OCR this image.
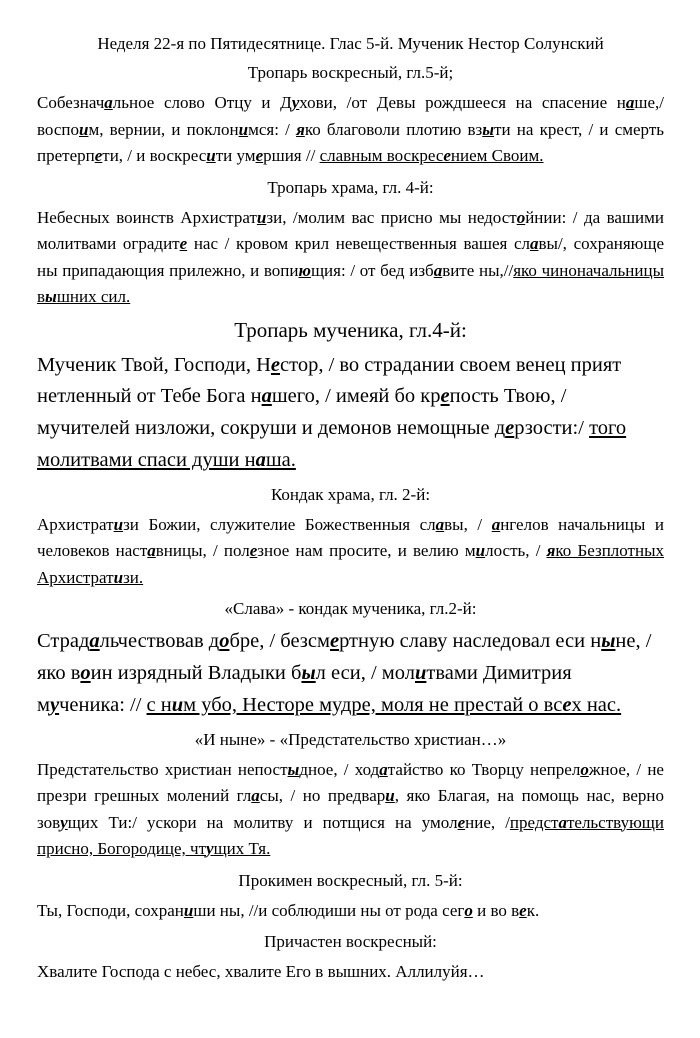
Неделя 22-я по Пятидесятнице. Глас 5-й. Мученик Нестор Солунский

Тропарь воскресный, гл.5-й;

Собезначальное слово Отцу и Духови, /от Девы рождшееся на спасение наше,/ воспоим, вернии, и поклонимся: / яко благоволи плотию взыти на крест, / и смерть претерпети, / и воскресити умершия // славным воскресением Своим.

Тропарь храма, гл. 4-й:

Небесных воинств Архистратизи, /молим вас присно мы недостойнии: / да вашими молитвами оградите нас / кровом крил невещественныя вашея славы/, сохраняюще ны припадающия прилежно, и вопиющия: / от бед избавите ны,//яко чиноначальницы вышних сил.

Тропарь мученика, гл.4-й:

Мученик Твой, Господи, Нестор, / во страдании своем венец прият нетленный от Тебе Бога нашего, / имеяй бо крепость Твою, / мучителей низложи, сокруши и демонов немощные дерзости:/ того молитвами спаси души наша.

Кондак храма, гл. 2-й:

Архистратизи Божии, служителие Божественныя славы, / ангелов начальницы и человеков наставницы, / полезное нам просите, и велию милость, / яко Безплотных Архистратизи.

«Слава» - кондак мученика, гл.2-й:

Страдальчествовав добре, / безсмертную славу наследовал еси ныне, / яко воин изрядный Владыки был еси, / молитвами Димитрия мученика: // с ним убо, Несторе мудре, моля не престай о всех нас.

«И ныне» - «Предстательство христиан…»

Предстательство христиан непостыдное, / ходатайство ко Творцу непреложное, / не презри грешных молений гласы, / но предвари, яко Благая, на помощь нас, верно зовущих Ти:/ ускори на молитву и потщися на умоление, /предстательствующи присно, Богородице, чтущих Тя.

Прокимен воскресный, гл. 5-й:

Ты, Господи, сохраниши ны, //и соблюдиши ны от рода сего и во век.

Причастен воскресный:

Хвалите Господа с небес, хвалите Его в вышних. Аллилуйя…
